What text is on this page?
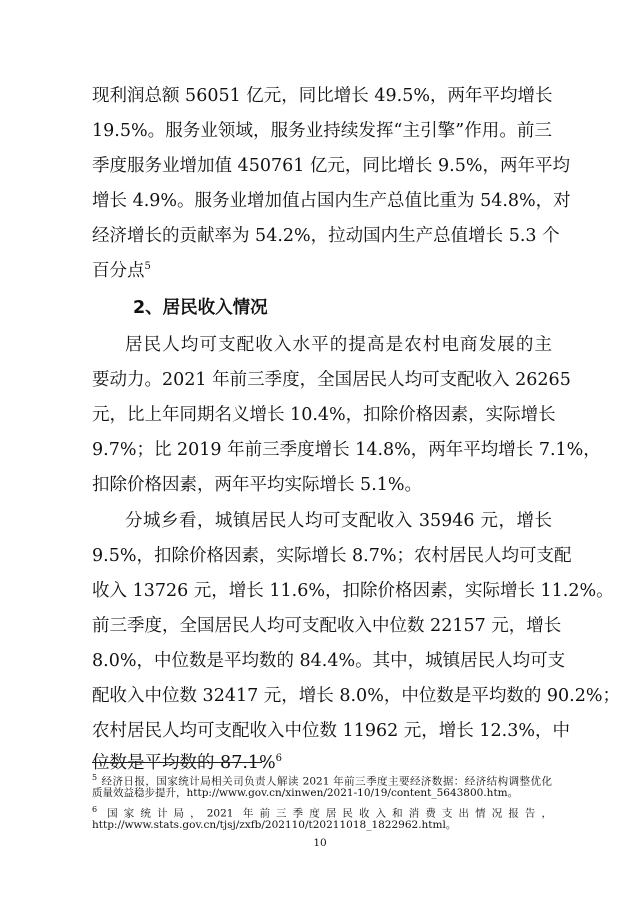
现利润总额 56051 亿元，同比增长 49.5%，两年平均增长
19.5%。服务业领域，服务业持续发挥“主引擎”作用。前三
季度服务业增加值 450761 亿元，同比增长 9.5%，两年平均
增长 4.9%。服务业增加值占国内生产总值比重为 54.8%，对
经济增长的贡献率为 54.2%，拉动国内生产总值增长 5.3 个
百分点$^5$
2、居民收入情况
居民人均可支配收入水平的提高是农村电商发展的主
要动力。2021 年前三季度，全国居民人均可支配收入 26265
元，比上年同期名义增长 10.4%，扣除价格因素，实际增长
9.7%；比 2019 年前三季度增长 14.8%，两年平均增长 7.1%，
扣除价格因素，两年平均实际增长 5.1%。
分城乡看，城镇居民人均可支配收入 35946 元，增长
9.5%，扣除价格因素，实际增长 8.7%；农村居民人均可支配
收入 13726 元，增长 11.6%，扣除价格因素，实际增长 11.2%。
前三季度，全国居民人均可支配收入中位数 22157 元，增长
8.0%，中位数是平均数的 84.4%。其中，城镇居民人均可支
配收入中位数 32417 元，增长 8.0%，中位数是平均数的 90.2%；
农村居民人均可支配收入中位数 11962 元，增长 12.3%，中
位数是平均数的 87.1%$^6$
$^5$ 经济日报，国家统计局相关司负责人解读 2021 年前三季度主要经济数据：经济结构调整优化
质量效益稳步提升，http://www.gov.cn/xinwen/2021-10/19/content_5643800.htm。
$^6$ 国家统计局，2021 年前三季度居民收入和消费支出情况报告，
http://www.stats.gov.cn/tjsj/zxfb/202110/t20211018_1822962.html。
10
